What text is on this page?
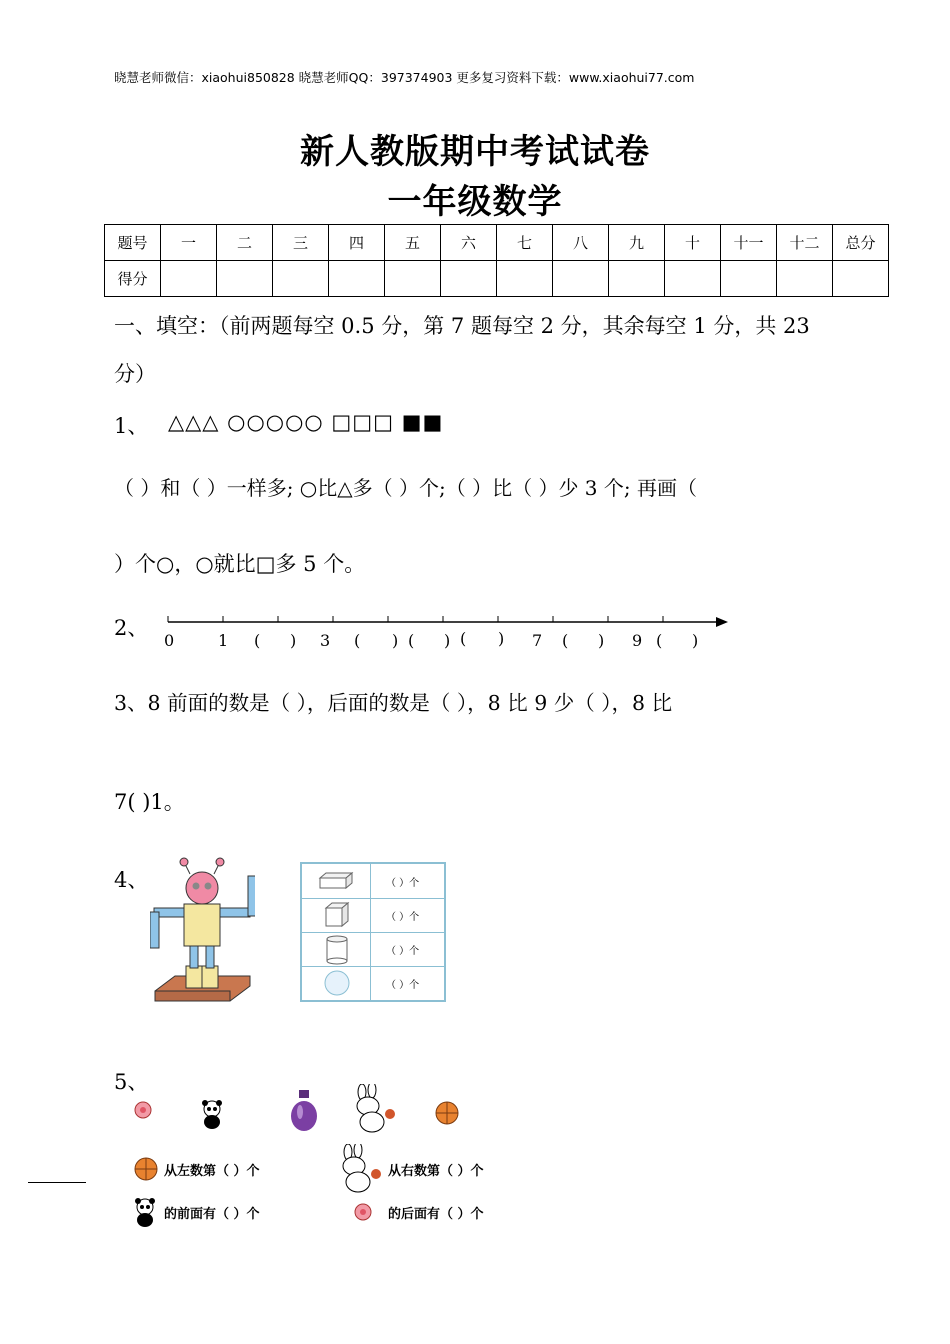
晓慧老师微信：xiaohui850828 晓慧老师QQ：397374903 更多复习资料下载：www.xiaohui77.com
新人教版期中考试试卷
一年级数学
题号	一	二	三	四	五	六	七	八	九	十	十一	十二	总分
得分													
一、填空：（前两题每空 0.5 分，第 7 题每空 2 分，其余每空 1 分，共 23
分）
1、 △△△ ○○○○○ □□□ ■■
（ ）和（ ）一样多; ○比△多（ ）个;（ ）比（ ）少 3 个; 再画（
）个○，○就比□多 5 个。
2、
0	1 ( ) 3 ( ) ( ) ( ) 7 ( ) 9 ( )
3、8 前面的数是（ ），后面的数是（ ），8 比 9 少（ ），8 比
7( )1。
4、	（ ）个
（ ）个
（ ）个
（ ）个
5、
从左数第（ ）个	从右数第（ ）个
的前面有（ ）个	的后面有（ ）个
